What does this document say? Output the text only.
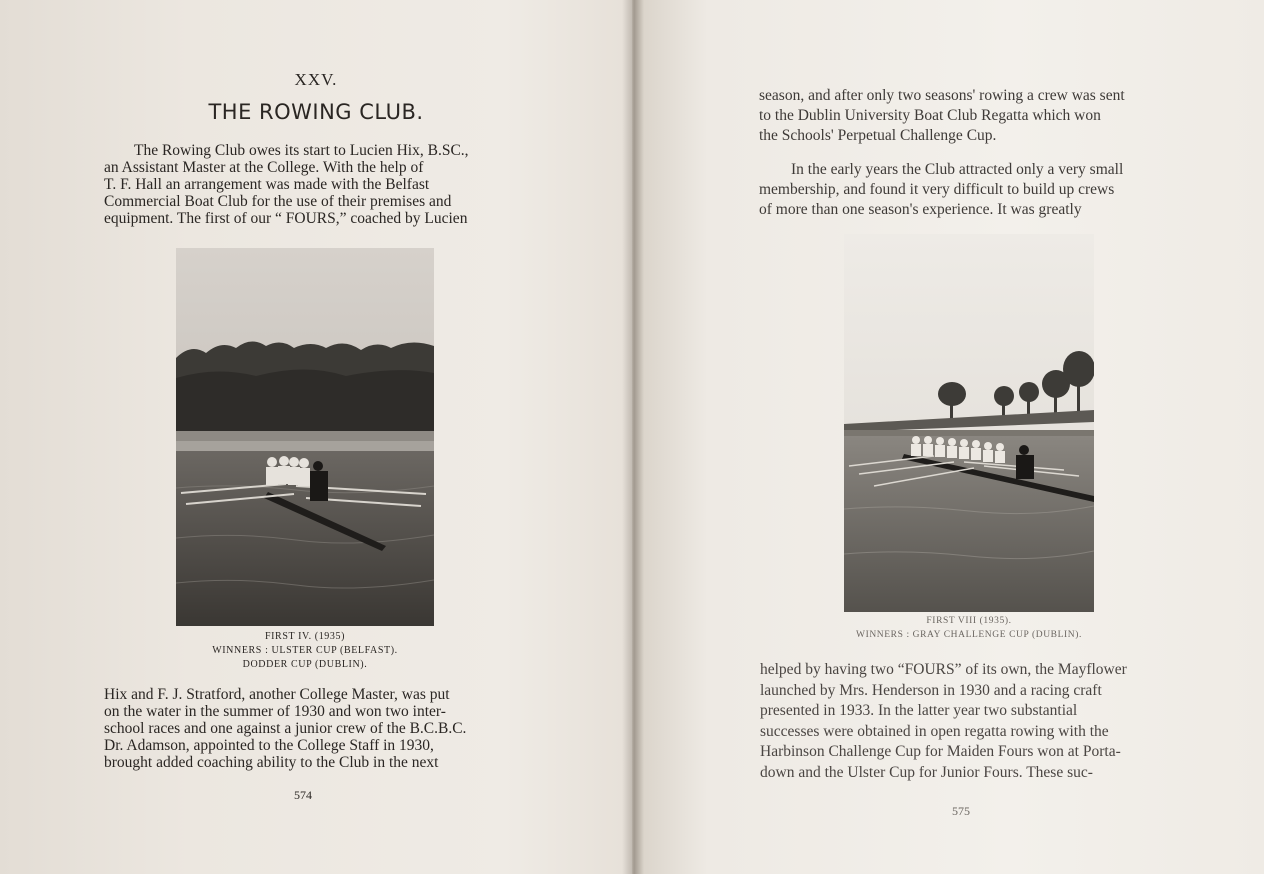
XXV.
THE ROWING CLUB.
The Rowing Club owes its start to Lucien Hix, B.SC.,
an Assistant Master at the College. With the help of
T. F. Hall an arrangement was made with the Belfast
Commercial Boat Club for the use of their premises and
equipment. The first of our “ FOURS,” coached by Lucien
FIRST IV. (1935)
WINNERS : ULSTER CUP (BELFAST).
DODDER CUP (DUBLIN).
Hix and F. J. Stratford, another College Master, was put
on the water in the summer of 1930 and won two inter-
school races and one against a junior crew of the B.C.B.C.
Dr. Adamson, appointed to the College Staff in 1930,
brought added coaching ability to the Club in the next
574
season, and after only two seasons' rowing a crew was sent
to the Dublin University Boat Club Regatta which won
the Schools' Perpetual Challenge Cup.
In the early years the Club attracted only a very small
membership, and found it very difficult to build up crews
of more than one season's experience. It was greatly
FIRST VIII (1935).
WINNERS : GRAY CHALLENGE CUP (DUBLIN).
helped by having two “FOURS” of its own, the Mayflower
launched by Mrs. Henderson in 1930 and a racing craft
presented in 1933. In the latter year two substantial
successes were obtained in open regatta rowing with the
Harbinson Challenge Cup for Maiden Fours won at Porta-
down and the Ulster Cup for Junior Fours. These suc-
575
